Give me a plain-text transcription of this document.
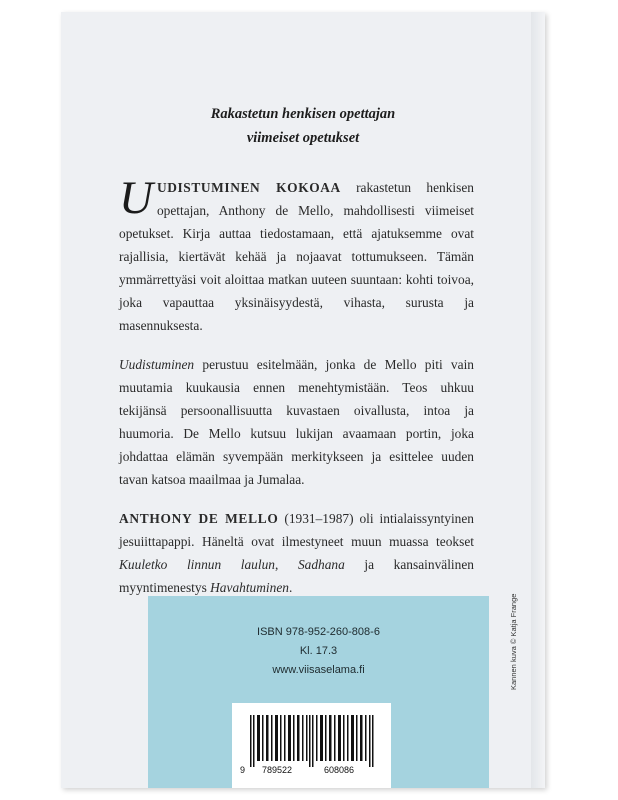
Rakastetun henkisen opettajan
viimeiset opetukset

UUDISTUMINEN KOKOAA rakastetun henkisen opettajan, Anthony de Mello, mahdollisesti viimeiset opetukset. Kirja auttaa tiedostamaan, että ajatuksemme ovat rajallisia, kiertävät kehää ja nojaavat tottumukseen. Tämän ymmärrettyäsi voit aloittaa matkan uuteen suuntaan: kohti toivoa, joka vapauttaa yksinäisyydestä, vihasta, surusta ja masennuksesta.

Uudistuminen perustuu esitelmään, jonka de Mello piti vain muutamia kuukausia ennen menehtymistään. Teos uhkuu tekijänsä persoonallisuutta kuvastaen oivallusta, intoa ja huumoria. De Mello kutsuu lukijan avaamaan portin, joka johdattaa elämän syvempään merkitykseen ja esittelee uuden tavan katsoa maailmaa ja Jumalaa.

ANTHONY DE MELLO (1931–1987) oli intialaissyntyinen jesuiittapappi. Häneltä ovat ilmestyneet muun muassa teokset Kuuletko linnun laulun, Sadhana ja kansainvälinen myyntimenestys Havahtuminen.

ISBN 978-952-260-808-6
Kl. 17.3
www.viisaselama.fi
9 789522	608086
